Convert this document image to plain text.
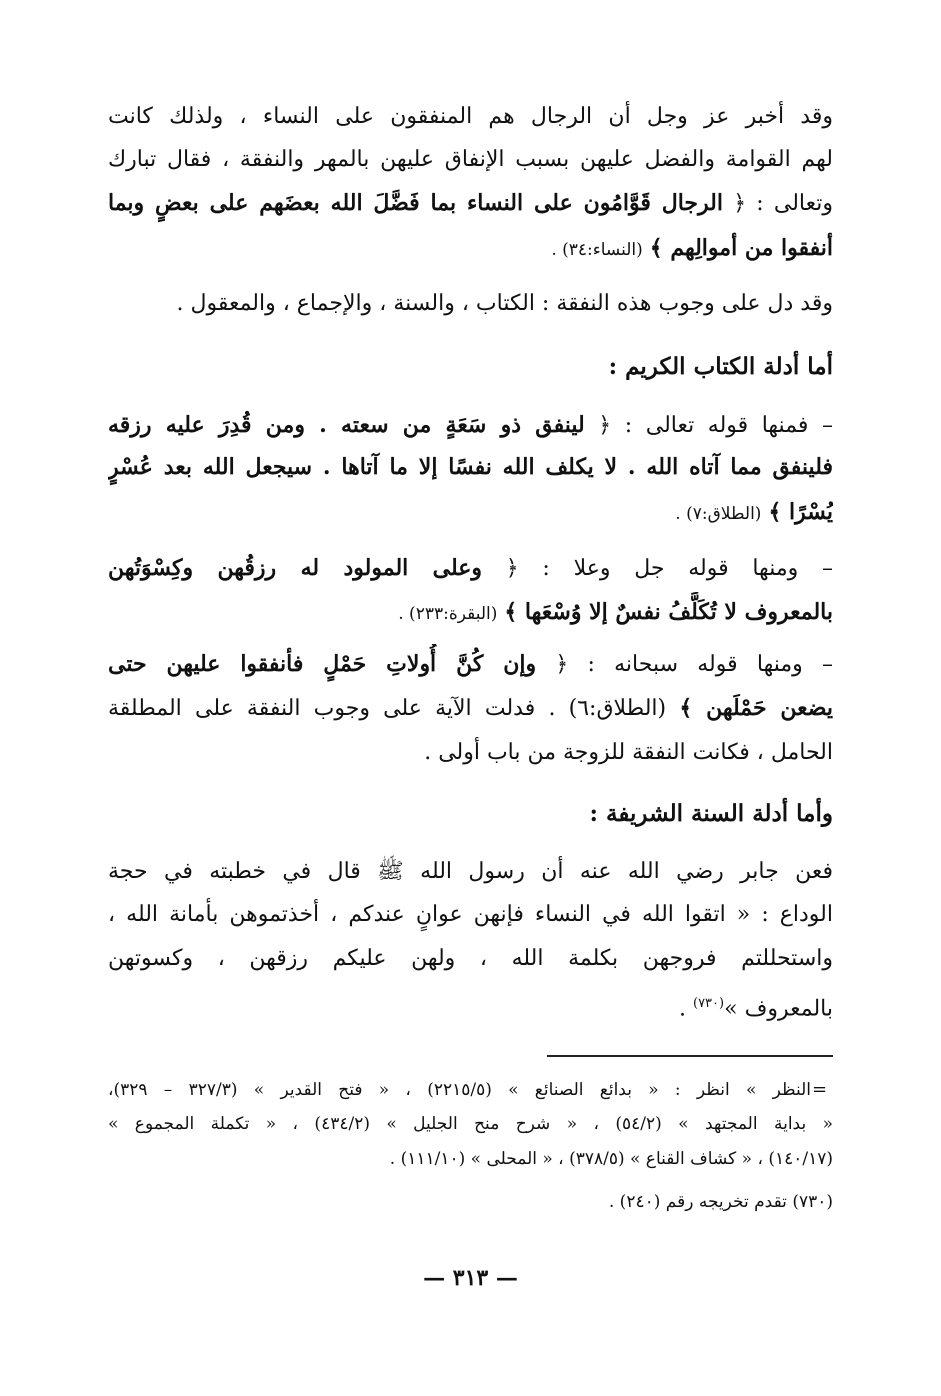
وقد أخبر عز وجل أن الرجال هم المنفقون على النساء ، ولذلك كانت
لهم القوامة والفضل عليهن بسبب الإنفاق عليهن بالمهر والنفقة ، فقال تبارك
وتعالى : ﴿ الرجال قَوَّامُون على النساء بما فَضَّلَ الله بعضَهم على بعضٍ وبما
أنفقوا من أموالِهم ﴾ (النساء:٣٤) .
وقد دل على وجوب هذه النفقة : الكتاب ، والسنة ، والإجماع ، والمعقول .
أما أدلة الكتاب الكريم :
– فمنها قوله تعالى : ﴿ لينفق ذو سَعَةٍ من سعته . ومن قُدِرَ عليه رزقه
فلينفق مما آتاه الله . لا يكلف الله نفسًا إلا ما آتاها . سيجعل الله بعد عُسْرٍ
يُسْرًا ﴾ (الطلاق:٧) .
– ومنها قوله جل وعلا : ﴿ وعلى المولود له رزقُهن وكِسْوَتُهن
بالمعروف لا تُكَلَّفُ نفسٌ إلا وُسْعَها ﴾ (البقرة:٢٣٣) .
– ومنها قوله سبحانه : ﴿ وإن كُنَّ أُولاتِ حَمْلٍ فأنفقوا عليهن حتى
يضعن حَمْلَهن ﴾ (الطلاق:٦) . فدلت الآية على وجوب النفقة على المطلقة
الحامل ، فكانت النفقة للزوجة من باب أولى .
وأما أدلة السنة الشريفة :
فعن جابر رضي الله عنه أن رسول الله ﷺ قال في خطبته في حجة
الوداع : « اتقوا الله في النساء فإنهن عوانٍ عندكم ، أخذتموهن بأمانة الله ،
واستحللتم فروجهن بكلمة الله ، ولهن عليكم رزقهن ، وكسوتهن
بالمعروف »$^{(٧٣٠)}$ .
=
النظر » انظر : « بدائع الصنائع » (٢٢١٥/٥) ، « فتح القدير » (٣٢٧/٣ – ٣٢٩)،
« بداية المجتهد » (٥٤/٢) ، « شرح منح الجليل » (٤٣٤/٢) ، « تكملة المجموع »
(١٤٠/١٧) ، « كشاف القناع » (٣٧٨/٥) ، « المحلى » (١١١/١٠) .
(٧٣٠) تقدم تخريجه رقم (٢٤٠) .
— ٣١٣ —
